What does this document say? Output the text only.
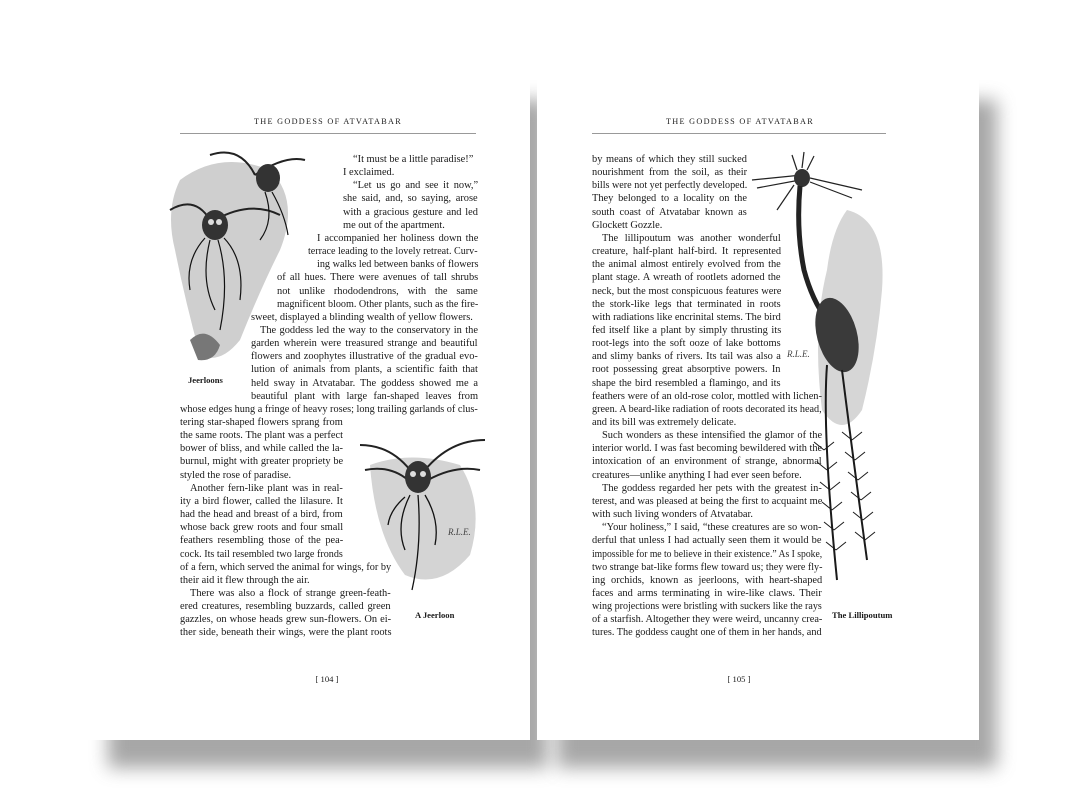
THE GODDESS OF ATVATABAR	THE GODDESS OF ATVATABAR
Jeerloons
R.L.E.
A Jeerloon
R.L.E.
The Lillipoutum
“It must be a little paradise!”
I exclaimed.
“Let us go and see it now,”
she said, and, so saying, arose
with a gracious gesture and led
me out of the apartment.
I accompanied her holiness down the
terrace leading to the lovely retreat. Curv-
ing walks led between banks of flowers
of all hues. There were avenues of tall shrubs
not unlike rhododendrons, with the same
magnificent bloom. Other plants, such as the fire-
sweet, displayed a blinding wealth of yellow flowers.
The goddess led the way to the conservatory in the
garden wherein were treasured strange and beautiful
flowers and zoophytes illustrative of the gradual evo-
lution of animals from plants, a scientific faith that
held sway in Atvatabar. The goddess showed me a
beautiful plant with large fan-shaped leaves from
whose edges hung a fringe of heavy roses; long trailing garlands of clus-
tering star-shaped flowers sprang from
the same roots. The plant was a perfect
bower of bliss, and while called the la-
burnul, might with greater propriety be
styled the rose of paradise.
Another fern-like plant was in real-
ity a bird flower, called the lilasure. It
had the head and breast of a bird, from
whose back grew roots and four small
feathers resembling those of the pea-
cock. Its tail resembled two large fronds
of a fern, which served the animal for wings, for by
their aid it flew through the air.
There was also a flock of strange green-feath-
ered creatures, resembling buzzards, called green
gazzles, on whose heads grew sun-flowers. On ei-
ther side, beneath their wings, were the plant roots
by means of which they still sucked
nourishment from the soil, as their
bills were not yet perfectly developed.
They belonged to a locality on the
south coast of Atvatabar known as
Glockett Gozzle.
The lillipoutum was another wonderful
creature, half-plant half-bird. It represented
the animal almost entirely evolved from the
plant stage. A wreath of rootlets adorned the
neck, but the most conspicuous features were
the stork-like legs that terminated in roots
with radiations like encrinital stems. The bird
fed itself like a plant by simply thrusting its
root-legs into the soft ooze of lake bottoms
and slimy banks of rivers. Its tail was also a
root possessing great absorptive powers. In
shape the bird resembled a flamingo, and its
feathers were of an old-rose color, mottled with lichen-
green. A beard-like radiation of roots decorated its head,
and its bill was extremely delicate.
Such wonders as these intensified the glamor of the
interior world. I was fast becoming bewildered with the
intoxication of an environment of strange, abnormal
creatures—unlike anything I had ever seen before.
The goddess regarded her pets with the greatest in-
terest, and was pleased at being the first to acquaint me
with such living wonders of Atvatabar.
“Your holiness,” I said, “these creatures are so won-
derful that unless I had actually seen them it would be
impossible for me to believe in their existence.” As I spoke,
two strange bat-like forms flew toward us; they were fly-
ing orchids, known as jeerloons, with heart-shaped
faces and arms terminating in wire-like claws. Their
wing projections were bristling with suckers like the rays
of a starfish. Altogether they were weird, uncanny crea-
tures. The goddess caught one of them in her hands, and
[ 104 ]	[ 105 ]
